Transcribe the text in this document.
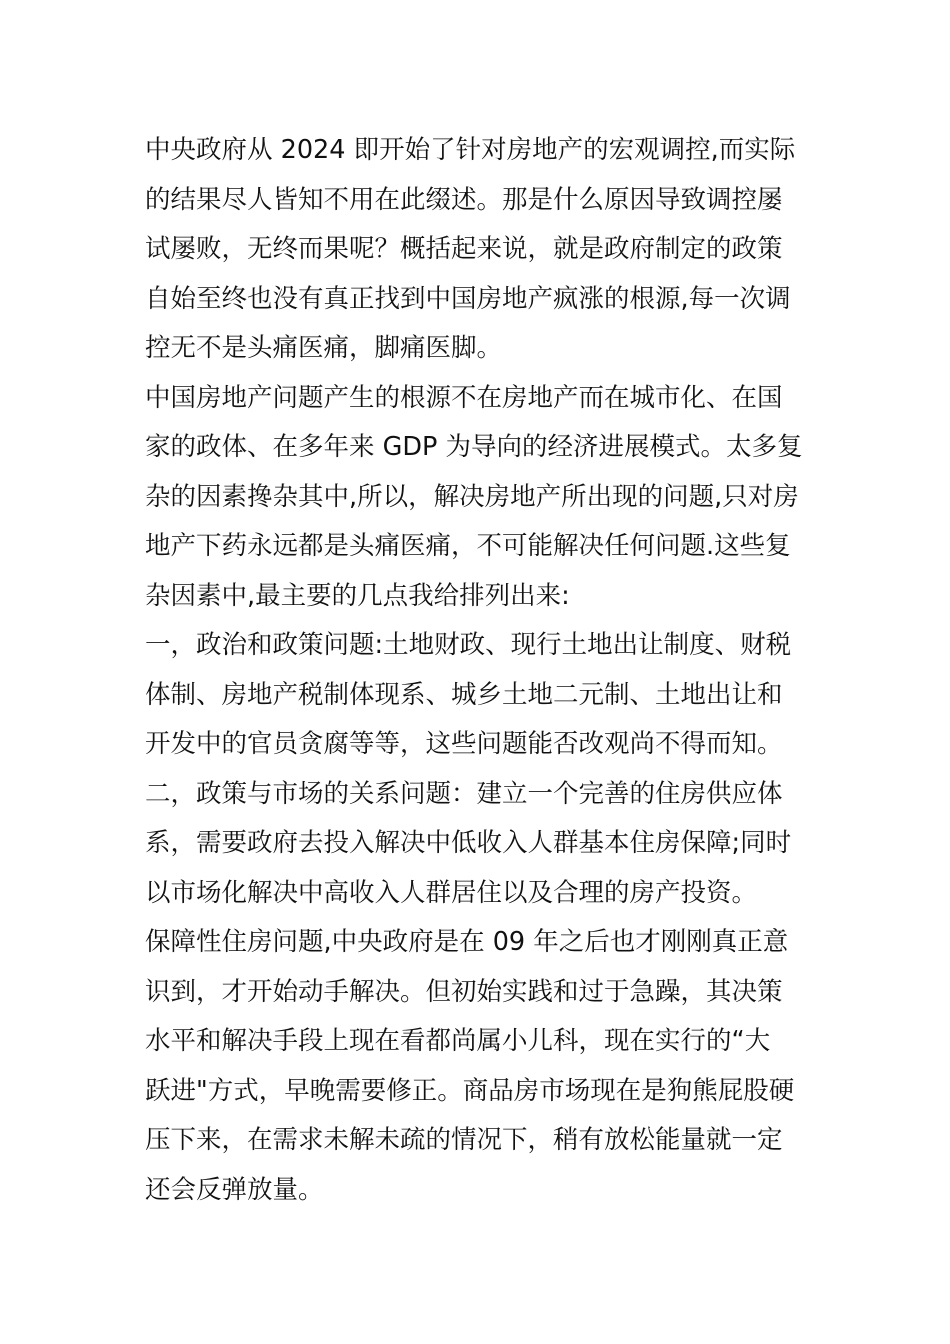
中央政府从 2024 即开始了针对房地产的宏观调控,而实际
的结果尽人皆知不用在此缀述。那是什么原因导致调控屡
试屡败，无终而果呢？概括起来说，就是政府制定的政策
自始至终也没有真正找到中国房地产疯涨的根源,每一次调
控无不是头痛医痛，脚痛医脚。
中国房地产问题产生的根源不在房地产而在城市化、在国
家的政体、在多年来 GDP 为导向的经济进展模式。太多复
杂的因素搀杂其中,所以，解决房地产所出现的问题,只对房
地产下药永远都是头痛医痛，不可能解决任何问题.这些复
杂因素中,最主要的几点我给排列出来:
一，政治和政策问题:土地财政、现行土地出让制度、财税
体制、房地产税制体现系、城乡土地二元制、土地出让和
开发中的官员贪腐等等，这些问题能否改观尚不得而知。
二，政策与市场的关系问题：建立一个完善的住房供应体
系，需要政府去投入解决中低收入人群基本住房保障;同时
以市场化解决中高收入人群居住以及合理的房产投资。
保障性住房问题,中央政府是在 09 年之后也才刚刚真正意
识到，才开始动手解决。但初始实践和过于急躁，其决策
水平和解决手段上现在看都尚属小儿科，现在实行的“大
跃进"方式，早晚需要修正。商品房市场现在是狗熊屁股硬
压下来，在需求未解未疏的情况下，稍有放松能量就一定
还会反弹放量。
